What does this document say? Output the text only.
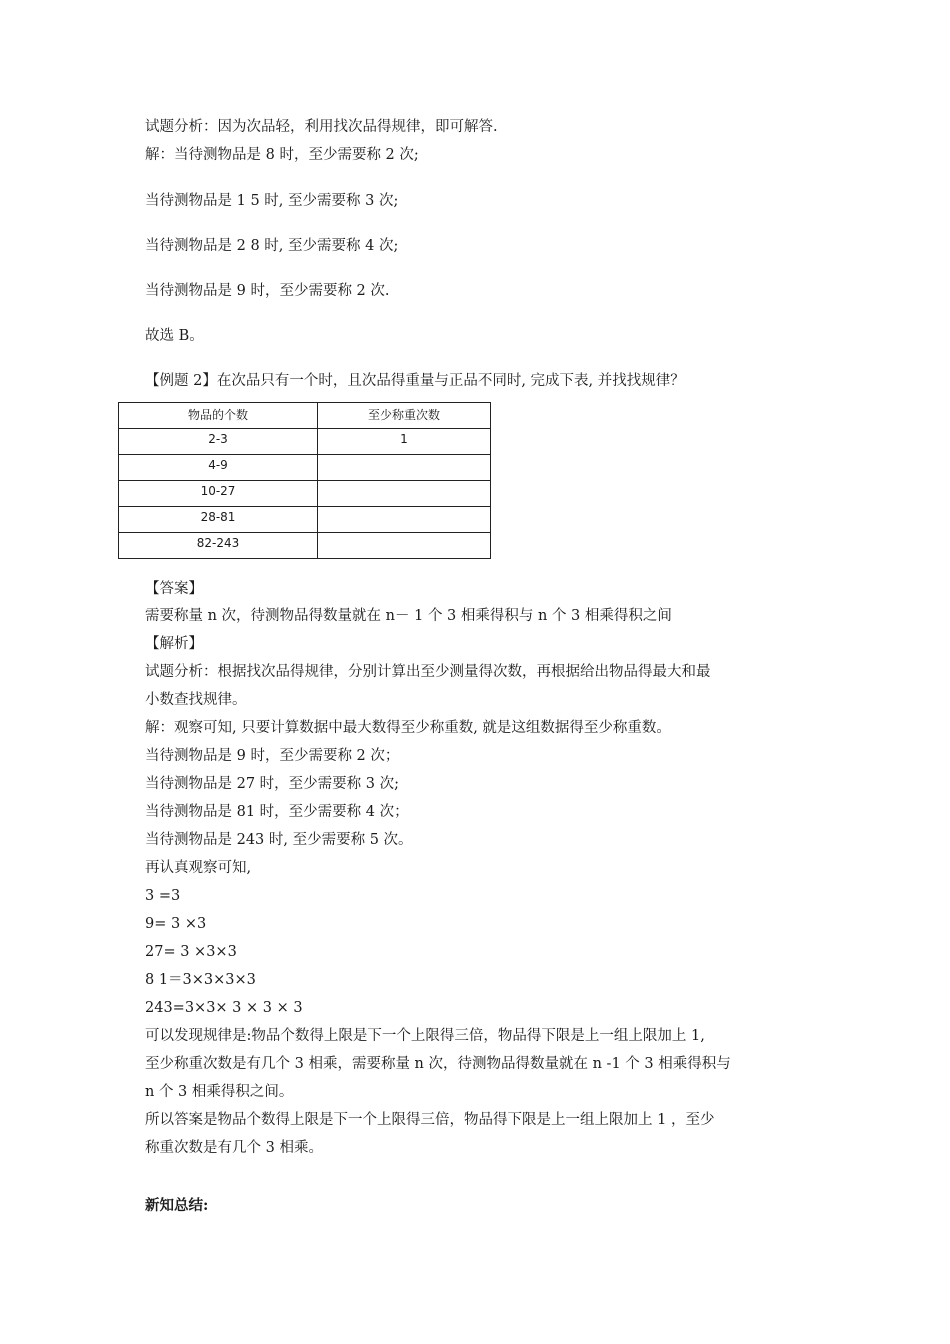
试题分析：因为次品轻，利用找次品得规律，即可解答.
解：当待测物品是 8 时，至少需要称 2 次;
当待测物品是 1 5 时, 至少需要称 3 次;
当待测物品是 2 8 时, 至少需要称 4 次;
当待测物品是 9 时，至少需要称 2 次.
故选 B。
【例题 2】在次品只有一个时，且次品得重量与正品不同时, 完成下表, 并找找规律？
物品的个数	至少称重次数
2-3	1
4-9	
10-27	
28-81	
82-243	
【答案】
需要称量 n 次，待测物品得数量就在 n－ 1 个 3 相乘得积与 n 个 3 相乘得积之间
【解析】
试题分析：根据找次品得规律，分别计算出至少测量得次数，再根据给出物品得最大和最
小数查找规律。
解：观察可知, 只要计算数据中最大数得至少称重数, 就是这组数据得至少称重数。
当待测物品是 9 时，至少需要称 2 次；
当待测物品是 27 时，至少需要称 3 次;
当待测物品是 81 时，至少需要称 4 次；
当待测物品是 243 时, 至少需要称 5 次。
再认真观察可知,
3 =3
9= 3 ×3
27= 3 ×3×3
8 1＝3×3×3×3
243=3×3× 3 × 3 × 3
可以发现规律是:物品个数得上限是下一个上限得三倍，物品得下限是上一组上限加上 1,
至少称重次数是有几个 3 相乘，需要称量 n 次，待测物品得数量就在 n -1 个 3 相乘得积与
n 个 3 相乘得积之间。
所以答案是物品个数得上限是下一个上限得三倍，物品得下限是上一组上限加上 1 ，至少
称重次数是有几个 3 相乘。
新知总结:
